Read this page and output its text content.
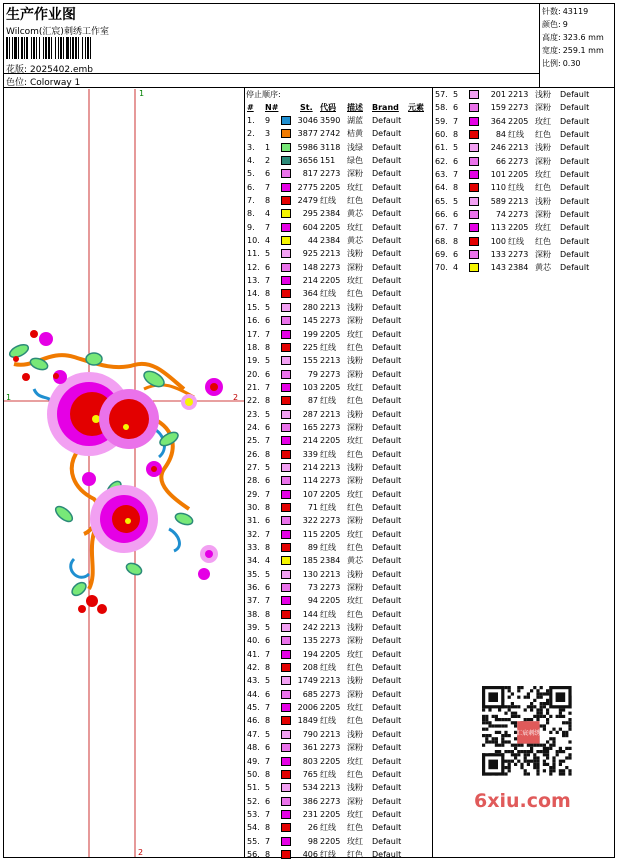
生产作业图
Wilcom(汇宸)刺绣工作室
花版: 2025402.emb
色位: Colorway 1
针数: 43119
颜色: 9
高度: 323.6 mm
宽度: 259.1 mm
比例: 0.30
1
1	2
2
停止顺序:
# N#	St. 代码 描述 Brand 元素
1. 9	3046 3590 湖蓝 Default
2. 3	3877 2742 桔黄 Default
3. 1	5986 3118 浅绿 Default
4. 2	3656 151 绿色 Default
5. 6	817 2273 深粉 Default
6. 7	2775 2205 玫红 Default
7. 8	2479 红线 红色 Default
8. 4	295 2384 黄芯 Default
9. 7	604 2205 玫红 Default
10. 4	44 2384 黄芯 Default
11. 5	925 2213 浅粉 Default
12. 6	148 2273 深粉 Default
13. 7	214 2205 玫红 Default
14. 8	364 红线 红色 Default
15. 5	280 2213 浅粉 Default
16. 6	145 2273 深粉 Default
17. 7	199 2205 玫红 Default
18. 8	225 红线 红色 Default
19. 5	155 2213 浅粉 Default
20. 6	79 2273 深粉 Default
21. 7	103 2205 玫红 Default
22. 8	87 红线 红色 Default
23. 5	287 2213 浅粉 Default
24. 6	165 2273 深粉 Default
25. 7	214 2205 玫红 Default
26. 8	339 红线 红色 Default
27. 5	214 2213 浅粉 Default
28. 6	114 2273 深粉 Default
29. 7	107 2205 玫红 Default
30. 8	71 红线 红色 Default
31. 6	322 2273 深粉 Default
32. 7	115 2205 玫红 Default
33. 8	89 红线 红色 Default
34. 4	185 2384 黄芯 Default
35. 5	130 2213 浅粉 Default
36. 6	73 2273 深粉 Default
37. 7	94 2205 玫红 Default
38. 8	144 红线 红色 Default
39. 5	242 2213 浅粉 Default
40. 6	135 2273 深粉 Default
41. 7	194 2205 玫红 Default
42. 8	208 红线 红色 Default
43. 5	1749 2213 浅粉 Default
44. 6	685 2273 深粉 Default
45. 7	2006 2205 玫红 Default
46. 8	1849 红线 红色 Default
47. 5	790 2213 浅粉 Default
48. 6	361 2273 深粉 Default
49. 7	803 2205 玫红 Default
50. 8	765 红线 红色 Default
51. 5	534 2213 浅粉 Default
52. 6	386 2273 深粉 Default
53. 7	231 2205 玫红 Default
54. 8	26 红线 红色 Default
55. 7	98 2205 玫红 Default
56. 8	406 红线 红色 Default
57. 5	201 2213 浅粉 Default
58. 6	159 2273 深粉 Default
59. 7	364 2205 玫红 Default
60. 8	84 红线 红色 Default
61. 5	246 2213 浅粉 Default
62. 6	66 2273 深粉 Default
63. 7	101 2205 玫红 Default
64. 8	110 红线 红色 Default
65. 5	589 2213 浅粉 Default
66. 6	74 2273 深粉 Default
67. 7	113 2205 玫红 Default
68. 8	100 红线 红色 Default
69. 6	133 2273 深粉 Default
70. 4	143 2384 黄芯 Default
汇宸刺绣
6xiu.com
